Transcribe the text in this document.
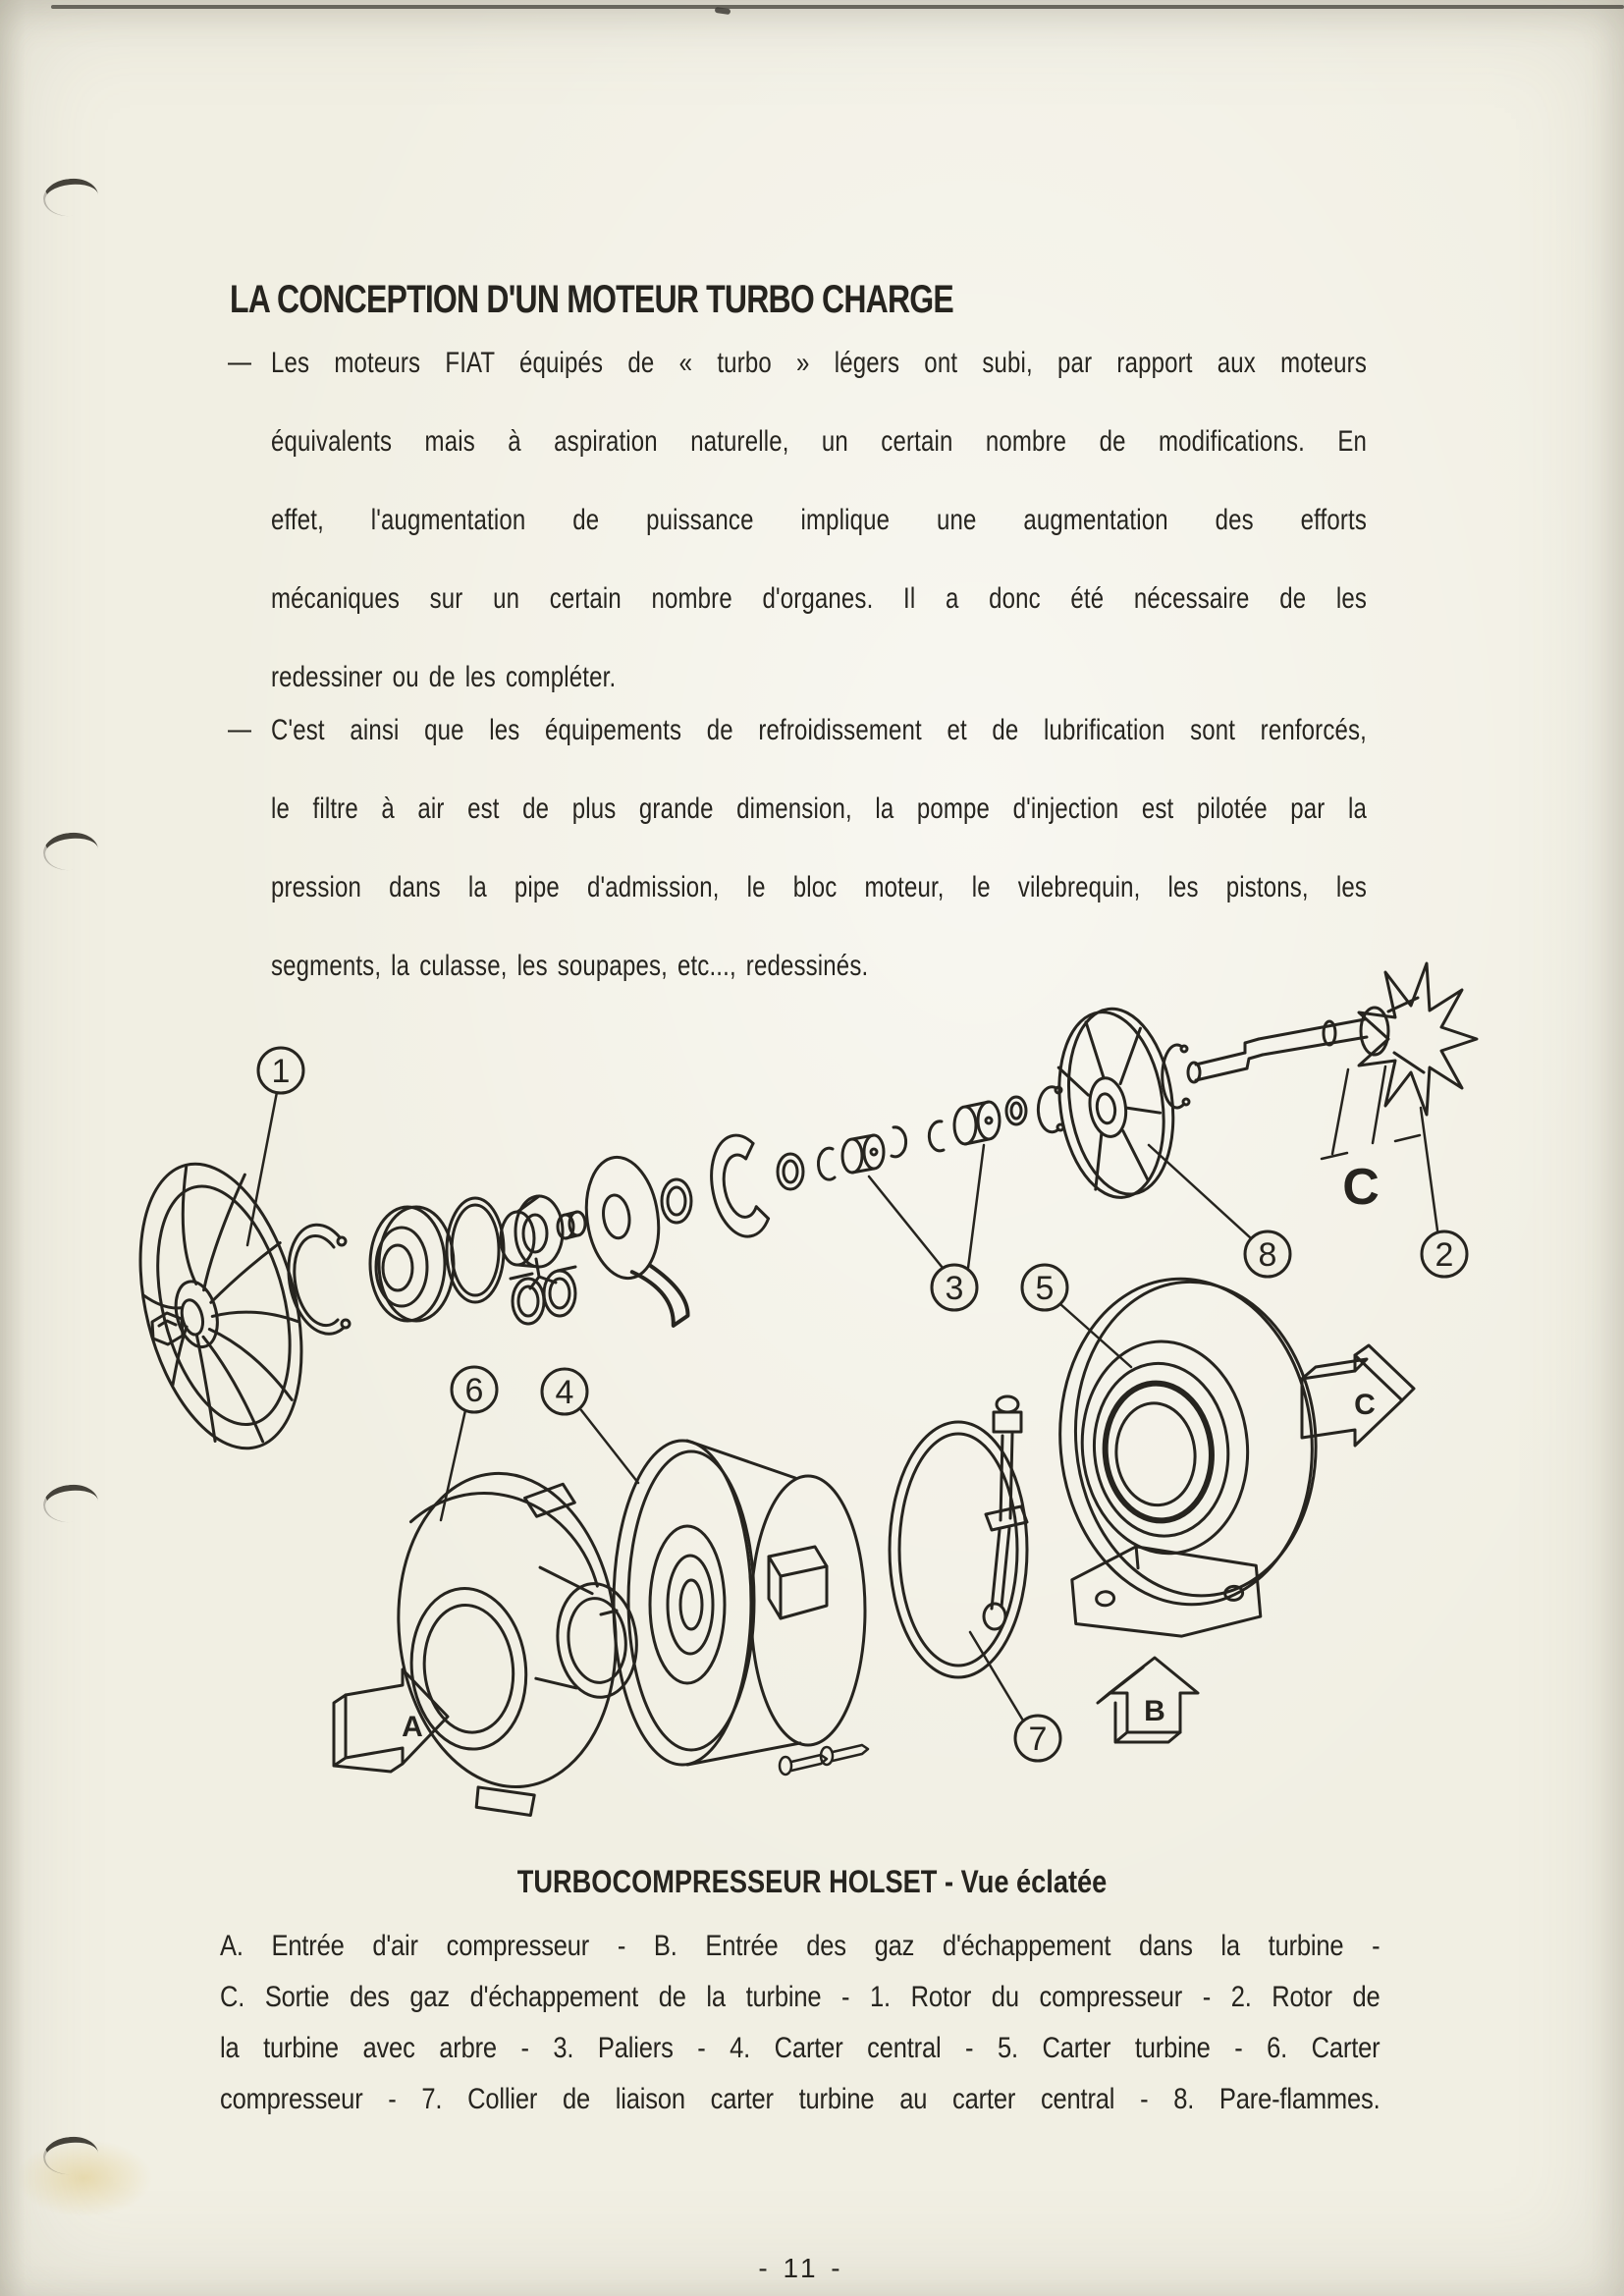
LA CONCEPTION D'UN MOTEUR TURBO CHARGE
— Les moteurs FIAT équipés de « turbo » légers ont subi, par rapport aux moteurs
équivalents mais à aspiration naturelle, un certain nombre de modifications. En
effet, l'augmentation de puissance implique une augmentation des efforts
mécaniques sur un certain nombre d'organes. Il a donc été nécessaire de les
redessiner ou de les compléter.
— C'est ainsi que les équipements de refroidissement et de lubrification sont renforcés,
le filtre à air est de plus grande dimension, la pompe d'injection est pilotée par la
pression dans la pipe d'admission, le bloc moteur, le vilebrequin, les pistons, les
segments, la culasse, les soupapes, etc..., redessinés.
1
2
3
4
5
6
7
8
A	B
C
C
TURBOCOMPRESSEUR HOLSET - Vue éclatée
A. Entrée d'air compresseur - B. Entrée des gaz d'échappement dans la turbine -
C. Sortie des gaz d'échappement de la turbine - 1. Rotor du compresseur - 2. Rotor de
la turbine avec arbre - 3. Paliers - 4. Carter central - 5. Carter turbine - 6. Carter
compresseur - 7. Collier de liaison carter turbine au carter central - 8. Pare-flammes.
- 11 -
